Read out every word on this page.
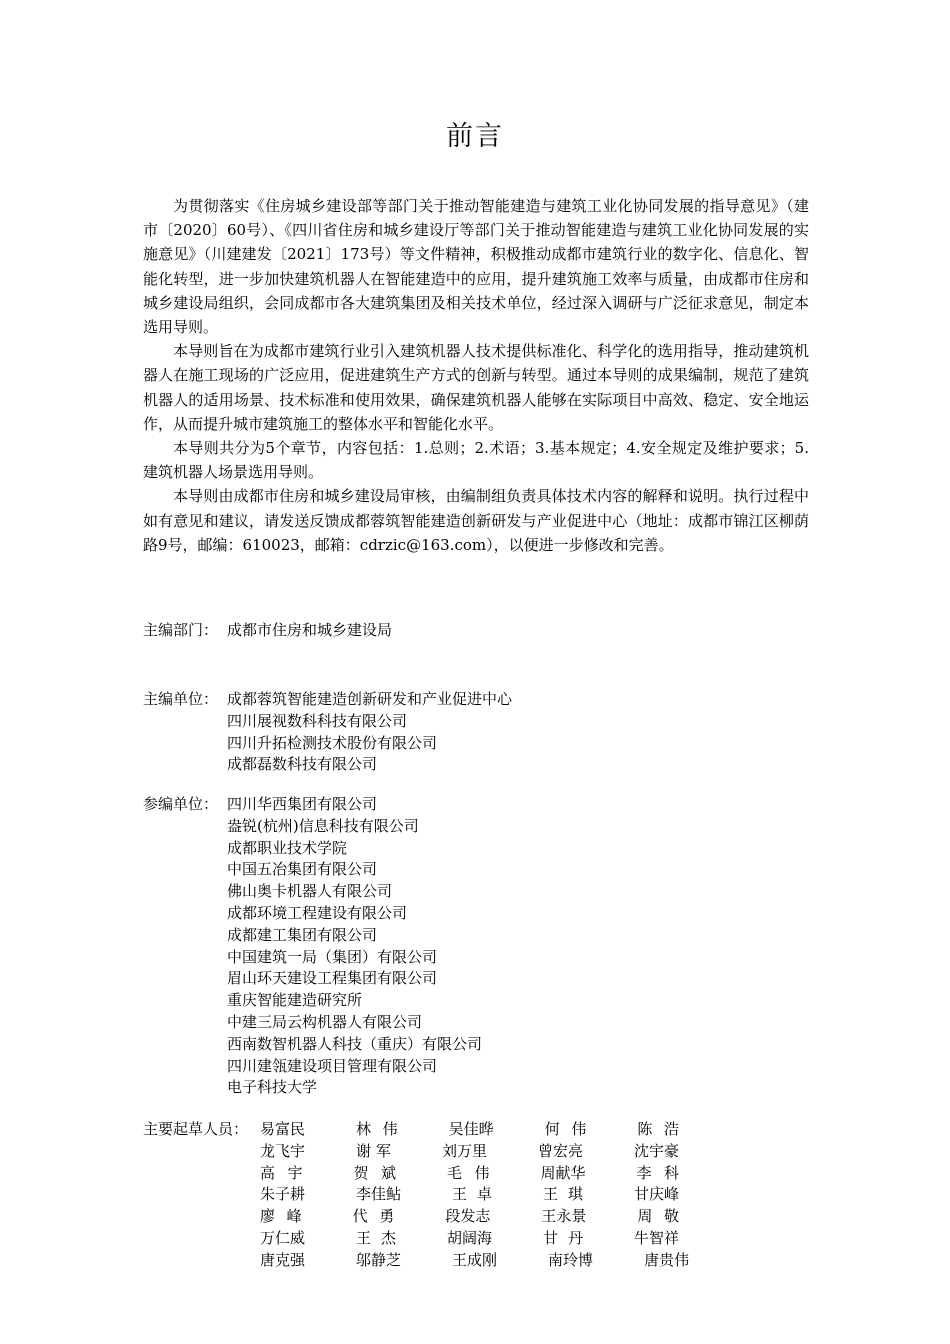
前言

为贯彻落实《住房城乡建设部等部门关于推动智能建造与建筑工业化协同发展的指导意见》（建市〔2020〕60号）、《四川省住房和城乡建设厅等部门关于推动智能建造与建筑工业化协同发展的实施意见》（川建建发〔2021〕173号）等文件精神，积极推动成都市建筑行业的数字化、信息化、智能化转型，进一步加快建筑机器人在智能建造中的应用，提升建筑施工效率与质量，由成都市住房和城乡建设局组织，会同成都市各大建筑集团及相关技术单位，经过深入调研与广泛征求意见，制定本选用导则。

本导则旨在为成都市建筑行业引入建筑机器人技术提供标准化、科学化的选用指导，推动建筑机器人在施工现场的广泛应用，促进建筑生产方式的创新与转型。通过本导则的成果编制，规范了建筑机器人的适用场景、技术标准和使用效果，确保建筑机器人能够在实际项目中高效、稳定、安全地运作，从而提升城市建筑施工的整体水平和智能化水平。

本导则共分为5个章节，内容包括：1.总则；2.术语；3.基本规定；4.安全规定及维护要求；5.建筑机器人场景选用导则。

本导则由成都市住房和城乡建设局审核，由编制组负责具体技术内容的解释和说明。执行过程中如有意见和建议，请发送反馈成都蓉筑智能建造创新研发与产业促进中心（地址：成都市锦江区柳荫路9号，邮编：610023，邮箱：cdrzic@163.com），以便进一步修改和完善。

主编部门： 成都市住房和城乡建设局
主编单位： 成都蓉筑智能建造创新研发和产业促进中心
四川展视数科科技有限公司
四川升拓检测技术股份有限公司
成都磊数科技有限公司
参编单位： 四川华西集团有限公司
盎锐(杭州)信息科技有限公司
成都职业技术学院
中国五冶集团有限公司
佛山奥卡机器人有限公司
成都环境工程建设有限公司
成都建工集团有限公司
中国建筑一局（集团）有限公司
眉山环天建设工程集团有限公司
重庆智能建造研究所
中建三局云构机器人有限公司
西南数智机器人科技（重庆）有限公司
四川建瓴建设项目管理有限公司
电子科技大学
主要起草人员： 易富民	林伟	吴佳晔	何伟	陈浩
龙飞宇	谢军	刘万里	曾宏亮	沈宇豪
高宇	贺斌	毛伟	周献华	李科
朱子耕	李佳鲇	王卓	王琪	甘庆峰
廖峰	代勇	段发志	王永景	周敬
万仁威	王杰	胡阔海	甘丹	牛智祥
唐克强	邬静芝	王成刚	南玲博	唐贵伟
